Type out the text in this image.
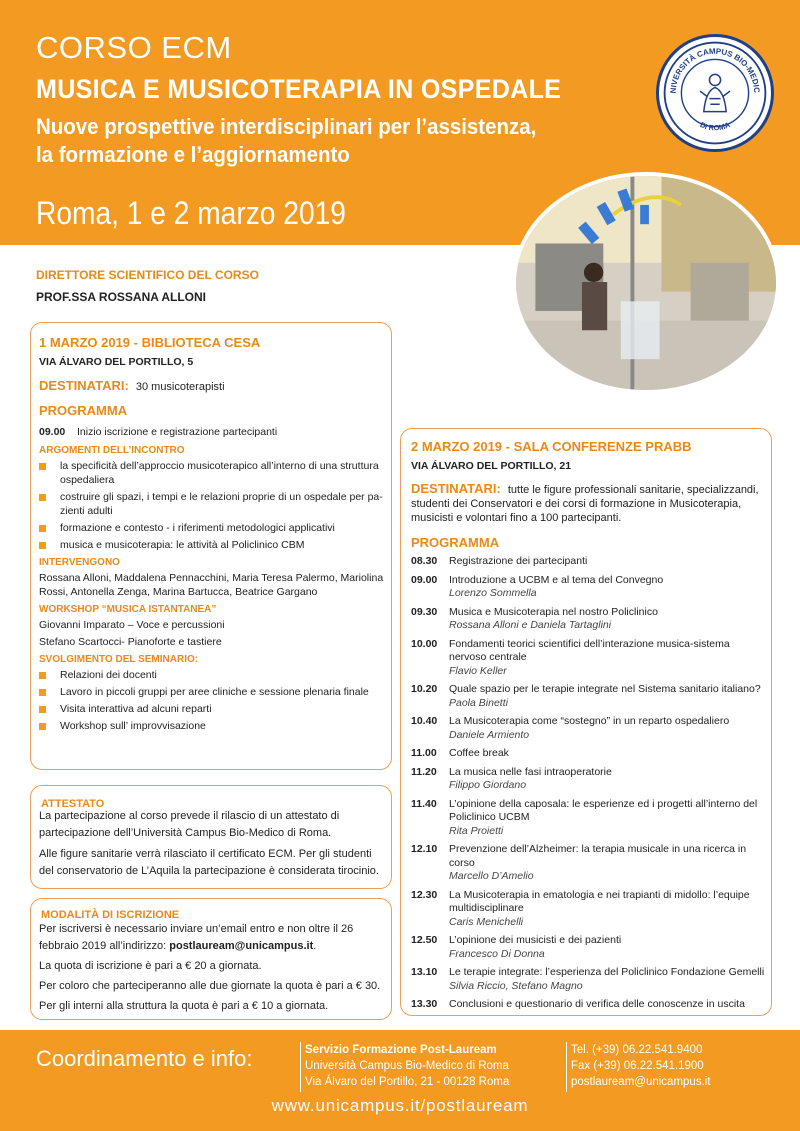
CORSO ECM
MUSICA E MUSICOTERAPIA IN OSPEDALE
Nuove prospettive interdisciplinari per l’assistenza,
la formazione e l’aggiornamento
Roma, 1 e 2 marzo 2019
NIVERSITÀ CAMPUS BIO-MEDIC
DI ROMA
DIRETTORE SCIENTIFICO DEL CORSO
PROF.SSA ROSSANA ALLONI
1 MARZO 2019 - BIBLIOTECA CESA
VIA ÁLVARO DEL PORTILLO, 5
DESTINATARI: 30 musicoterapisti
PROGRAMMA
09.00	Inizio iscrizione e registrazione partecipanti
ARGOMENTI DELL’INCONTRO
la specificità dell’approccio musicoterapico all’interno di una struttura ospedaliera
costruire gli spazi, i tempi e le relazioni proprie di un ospedale per pa-zienti adulti
formazione e contesto - i riferimenti metodologici applicativi
musica e musicoterapia: le attività al Policlinico CBM
INTERVENGONO
Rossana Alloni, Maddalena Pennacchini, Maria Teresa Palermo, Mariolina Rossi, Antonella Zenga, Marina Bartucca, Beatrice Gargano
WORKSHOP “MUSICA ISTANTANEA”
Giovanni Imparato – Voce e percussioni
Stefano Scartocci- Pianoforte e tastiere
SVOLGIMENTO DEL SEMINARIO:
Relazioni dei docenti
Lavoro in piccoli gruppi per aree cliniche e sessione plenaria finale
Visita interattiva ad alcuni reparti
Workshop sull’ improvvisazione
2 MARZO 2019 - SALA CONFERENZE PRABB
VIA ÁLVARO DEL PORTILLO, 21
DESTINATARI: tutte le figure professionali sanitarie, specializzandi, studenti dei Conservatori e dei corsi di formazione in Musicoterapia, musicisti e volontari fino a 100 partecipanti.
PROGRAMMA
08.30	Registrazione dei partecipanti
09.00	Introduzione a UCBM e al tema del Convegno
Lorenzo Sommella
09.30	Musica e Musicoterapia nel nostro Policlinico
Rossana Alloni e Daniela Tartaglini
10.00	Fondamenti teorici scientifici dell’interazione musica-sistema nervoso centrale
Flavio Keller
10.20	Quale spazio per le terapie integrate nel Sistema sanitario italiano?
Paola Binetti
10.40	La Musicoterapia come “sostegno” in un reparto ospedaliero
Daniele Armiento
11.00	Coffee break
11.20	La musica nelle fasi intraoperatorie
Filippo Giordano
11.40	L’opinione della caposala: le esperienze ed i progetti all’interno del Policlinico UCBM
Rita Proietti
12.10	Prevenzione dell’Alzheimer: la terapia musicale in una ricerca in corso
Marcello D’Amelio
12.30	La Musicoterapia in ematologia e nei trapianti di midollo: l’equipe multidisciplinare
Caris Menichelli
12.50	L’opinione dei musicisti e dei pazienti
Francesco Di Donna
13.10	Le terapie integrate: l’esperienza del Policlinico Fondazione Gemelli
Silvia Riccio, Stefano Magno
13.30	Conclusioni e questionario di verifica delle conoscenze in uscita
ATTESTATO

La partecipazione al corso prevede il rilascio di un attestato di partecipazione dell’Università Campus Bio-Medico di Roma.

Alle figure sanitarie verrà rilasciato il certificato ECM. Per gli studenti del conservatorio de L’Aquila la partecipazione è considerata tirocinio.

MODALITÀ DI ISCRIZIONE

Per iscriversi è necessario inviare un’email entro e non oltre il 26 febbraio 2019 all’indirizzo: postlauream@unicampus.it.

La quota di iscrizione è pari a € 20 a giornata.

Per coloro che parteciperanno alle due giornate la quota è pari a € 30.

Per gli interni alla struttura la quota è pari a € 10 a giornata.

Coordinamento e info:	Servizio Formazione Post-Lauream
Università Campus Bio-Medico di Roma
Via Álvaro del Portillo, 21 - 00128 Roma
Tel. (+39) 06.22.541.9400
Fax (+39) 06.22.541.1900
postlauream@unicampus.it
www.unicampus.it/postlauream
